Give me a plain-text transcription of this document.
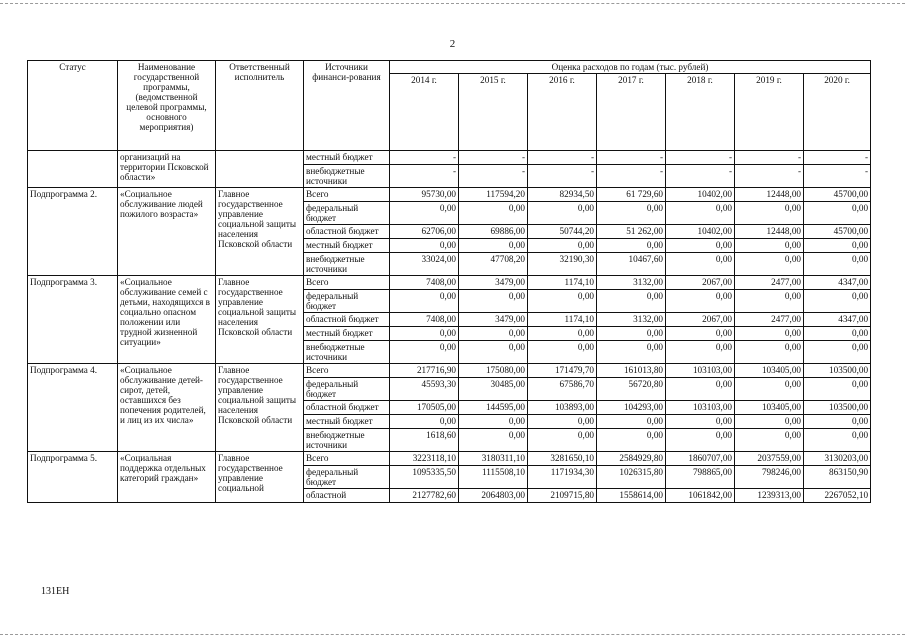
2
Статус	Наименование государственной программы, (ведомственной целевой программы, основного мероприятия)	Ответственный исполнитель	Источники финанси-рования	Оценка расходов по годам (тыс. рублей)						
				2014 г.	2015 г.	2016 г.	2017 г.	2018 г.	2019 г.	2020 г.
	организаций на территории Псковской области»		местный бюджет	-	-	-	-	-	-	-
			внебюджетные источники	-	-	-	-	-	-	-
Подпрограмма 2.	«Социальное обслуживание людей пожилого возраста»	Главное государственное управление социальной защиты населения Псковской области	Всего	95730,00	117594,20	82934,50	61 729,60	10402,00	12448,00	45700,00
			федеральный бюджет	0,00	0,00	0,00	0,00	0,00	0,00	0,00
			областной бюджет	62706,00	69886,00	50744,20	51 262,00	10402,00	12448,00	45700,00
			местный бюджет	0,00	0,00	0,00	0,00	0,00	0,00	0,00
			внебюджетные источники	33024,00	47708,20	32190,30	10467,60	0,00	0,00	0,00
Подпрограмма 3.	«Социальное обслуживание семей с детьми, находящихся в социально опасном положении или трудной жизненной ситуации»	Главное государственное управление социальной защиты населения Псковской области	Всего	7408,00	3479,00	1174,10	3132,00	2067,00	2477,00	4347,00
			федеральный бюджет	0,00	0,00	0,00	0,00	0,00	0,00	0,00
			областной бюджет	7408,00	3479,00	1174,10	3132,00	2067,00	2477,00	4347,00
			местный бюджет	0,00	0,00	0,00	0,00	0,00	0,00	0,00
			внебюджетные источники	0,00	0,00	0,00	0,00	0,00	0,00	0,00
Подпрограмма 4.	«Социальное обслуживание детей-сирот, детей, оставшихся без попечения родителей, и лиц из их числа»	Главное государственное управление социальной защиты населения Псковской области	Всего	217716,90	175080,00	171479,70	161013,80	103103,00	103405,00	103500,00
			федеральный бюджет	45593,30	30485,00	67586,70	56720,80	0,00	0,00	0,00
			областной бюджет	170505,00	144595,00	103893,00	104293,00	103103,00	103405,00	103500,00
			местный бюджет	0,00	0,00	0,00	0,00	0,00	0,00	0,00
			внебюджетные источники	1618,60	0,00	0,00	0,00	0,00	0,00	0,00
Подпрограмма 5.	«Социальная поддержка отдельных категорий граждан»	Главное государственное управление социальной	Всего	3223118,10	3180311,10	3281650,10	2584929,80	1860707,00	2037559,00	3130203,00
			федеральный бюджет	1095335,50	1115508,10	1171934,30	1026315,80	798865,00	798246,00	863150,90
			областной	2127782,60	2064803,00	2109715,80	1558614,00	1061842,00	1239313,00	2267052,10
131ЕН
